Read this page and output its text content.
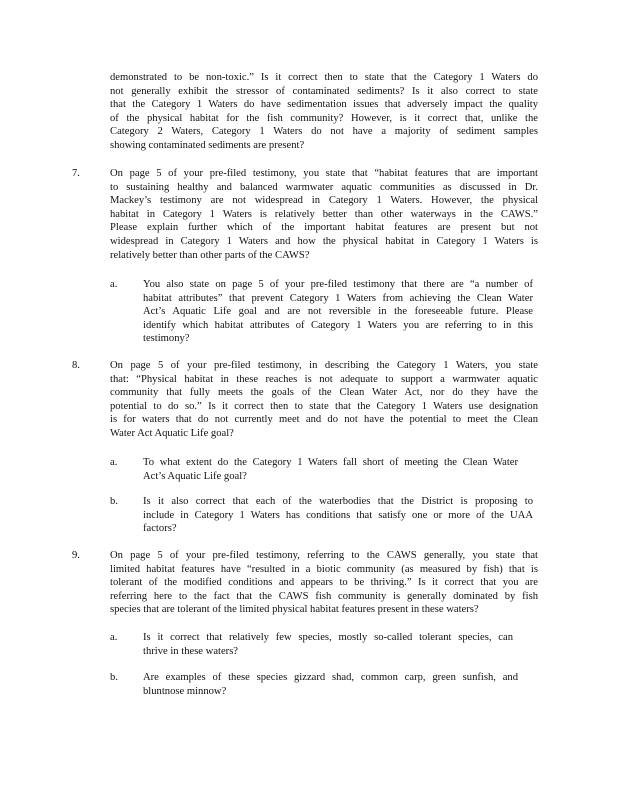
demonstrated to be non-toxic.” Is it correct then to state that the Category 1 Waters do
not generally exhibit the stressor of contaminated sediments? Is it also correct to state
that the Category 1 Waters do have sedimentation issues that adversely impact the quality
of the physical habitat for the fish community? However, is it correct that, unlike the
Category 2 Waters, Category 1 Waters do not have a majority of sediment samples
showing contaminated sediments are present?
7.	On page 5 of your pre-filed testimony, you state that “habitat features that are important
to sustaining healthy and balanced warmwater aquatic communities as discussed in Dr.
Mackey’s testimony are not widespread in Category 1 Waters. However, the physical
habitat in Category 1 Waters is relatively better than other waterways in the CAWS.”
Please explain further which of the important habitat features are present but not
widespread in Category 1 Waters and how the physical habitat in Category 1 Waters is
relatively better than other parts of the CAWS?
a. You also state on page 5 of your pre-filed testimony that there are “a number of
habitat attributes” that prevent Category 1 Waters from achieving the Clean Water
Act’s Aquatic Life goal and are not reversible in the foreseeable future. Please
identify which habitat attributes of Category 1 Waters you are referring to in this
testimony?
8.	On page 5 of your pre-filed testimony, in describing the Category 1 Waters, you state
that: “Physical habitat in these reaches is not adequate to support a warmwater aquatic
community that fully meets the goals of the Clean Water Act, nor do they have the
potential to do so.” Is it correct then to state that the Category 1 Waters use designation
is for waters that do not currently meet and do not have the potential to meet the Clean
Water Act Aquatic Life goal?
a. To what extent do the Category 1 Waters fall short of meeting the Clean Water
Act’s Aquatic Life goal?
b. Is it also correct that each of the waterbodies that the District is proposing to
include in Category 1 Waters has conditions that satisfy one or more of the UAA
factors?
9.	On page 5 of your pre-filed testimony, referring to the CAWS generally, you state that
limited habitat features have “resulted in a biotic community (as measured by fish) that is
tolerant of the modified conditions and appears to be thriving.” Is it correct that you are
referring here to the fact that the CAWS fish community is generally dominated by fish
species that are tolerant of the limited physical habitat features present in these waters?
a. Is it correct that relatively few species, mostly so-called tolerant species, can
thrive in these waters?
b. Are examples of these species gizzard shad, common carp, green sunfish, and
bluntnose minnow?
